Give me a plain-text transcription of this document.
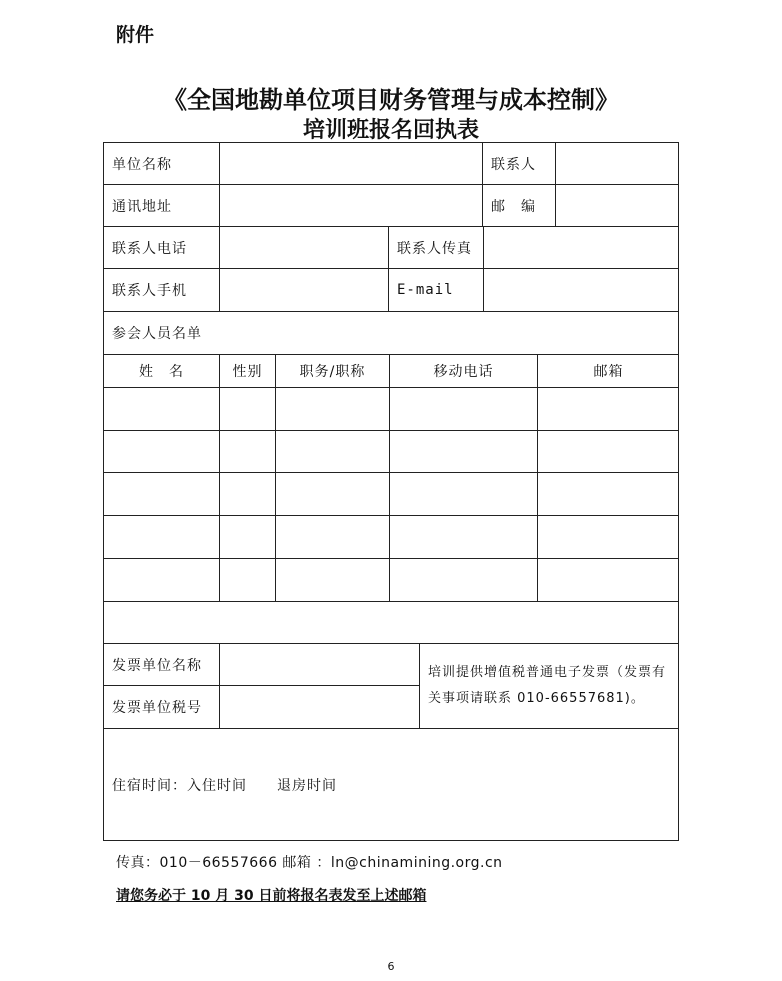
附件
《全国地勘单位项目财务管理与成本控制》
培训班报名回执表
单位名称	联系人
通讯地址	邮　编
联系人电话	联系人传真
联系人手机	E-mail
参会人员名单
姓　名	性别	职务/职称	移动电话	邮箱
发票单位名称
发票单位税号
培训提供增值税普通电子发票（发票有
关事项请联系 010-66557681)。
住宿时间：入住时间　　退房时间
传真：010－66557666 邮箱 ：ln@chinamining.org.cn
请您务必于 10 月 30 日前将报名表发至上述邮箱
6
